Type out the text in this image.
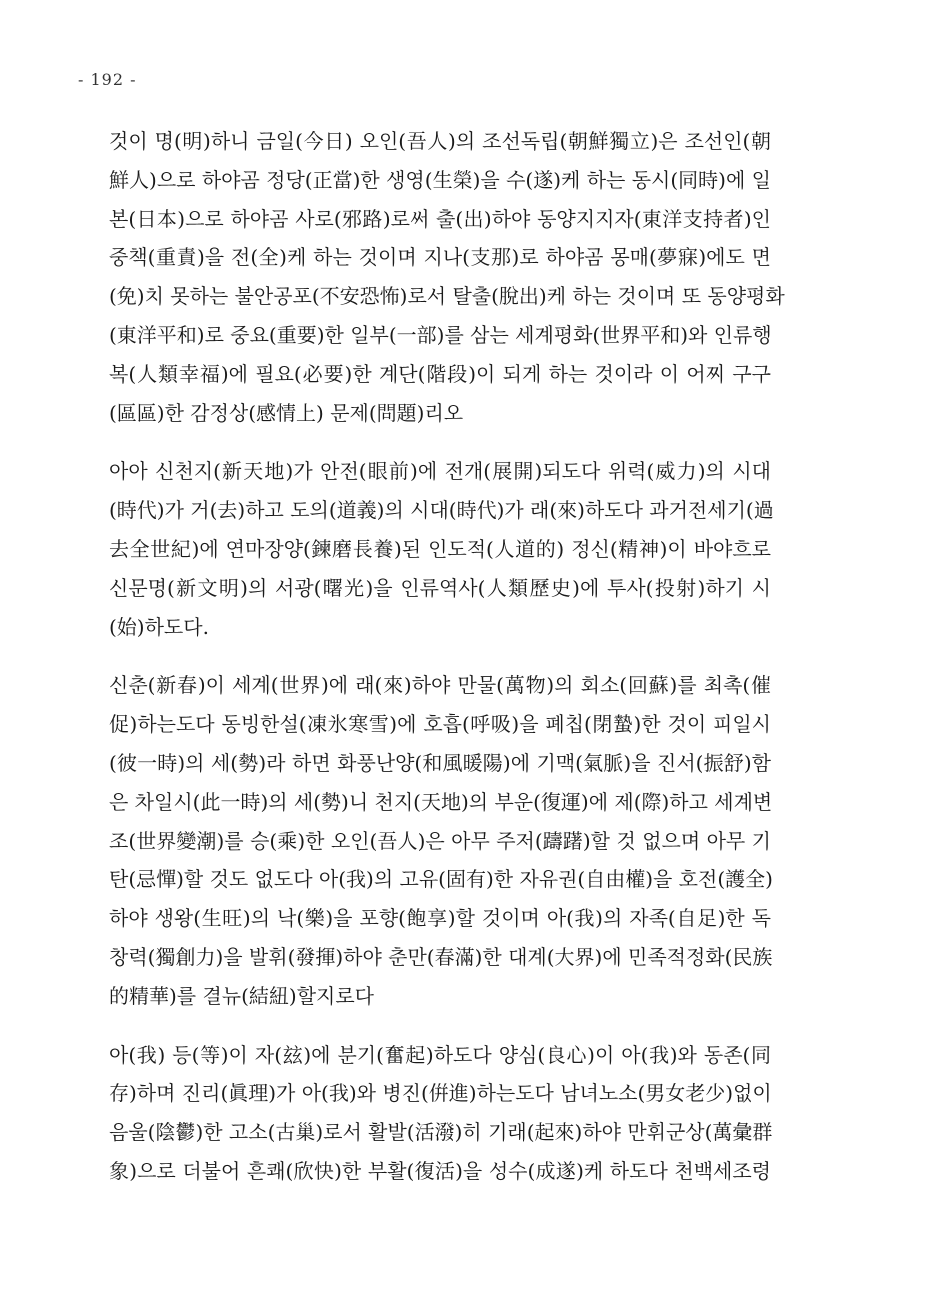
- 192 -
것이 명(明)하니 금일(今日) 오인(吾人)의 조선독립(朝鮮獨立)은 조선인(朝
鮮人)으로 하야곰 정당(正當)한 생영(生榮)을 수(遂)케 하는 동시(同時)에 일
본(日本)으로 하야곰 사로(邪路)로써 출(出)하야 동양지지자(東洋支持者)인
중책(重責)을 전(全)케 하는 것이며 지나(支那)로 하야곰 몽매(夢寐)에도 면
(免)치 못하는 불안공포(不安恐怖)로서 탈출(脫出)케 하는 것이며 또 동양평화
(東洋平和)로 중요(重要)한 일부(一部)를 삼는 세계평화(世界平和)와 인류행
복(人類幸福)에 필요(必要)한 계단(階段)이 되게 하는 것이라 이 어찌 구구
(區區)한 감정상(感情上) 문제(問題)리오
아아 신천지(新天地)가 안전(眼前)에 전개(展開)되도다 위력(威力)의 시대
(時代)가 거(去)하고 도의(道義)의 시대(時代)가 래(來)하도다 과거전세기(過
去全世紀)에 연마장양(鍊磨長養)된 인도적(人道的) 정신(精神)이 바야흐로
신문명(新文明)의 서광(曙光)을 인류역사(人類歷史)에 투사(投射)하기 시
(始)하도다.
신춘(新春)이 세계(世界)에 래(來)하야 만물(萬物)의 회소(回蘇)를 최촉(催
促)하는도다 동빙한설(凍氷寒雪)에 호흡(呼吸)을 폐칩(閉蟄)한 것이 피일시
(彼一時)의 세(勢)라 하면 화풍난양(和風暖陽)에 기맥(氣脈)을 진서(振舒)함
은 차일시(此一時)의 세(勢)니 천지(天地)의 부운(復運)에 제(際)하고 세계변
조(世界變潮)를 승(乘)한 오인(吾人)은 아무 주저(躊躇)할 것 없으며 아무 기
탄(忌憚)할 것도 없도다 아(我)의 고유(固有)한 자유권(自由權)을 호전(護全)
하야 생왕(生旺)의 낙(樂)을 포향(飽享)할 것이며 아(我)의 자족(自足)한 독
창력(獨創力)을 발휘(發揮)하야 춘만(春滿)한 대계(大界)에 민족적정화(民族
的精華)를 결뉴(結紐)할지로다
아(我) 등(等)이 자(玆)에 분기(奮起)하도다 양심(良心)이 아(我)와 동존(同
存)하며 진리(眞理)가 아(我)와 병진(倂進)하는도다 남녀노소(男女老少)없이
음울(陰鬱)한 고소(古巢)로서 활발(活潑)히 기래(起來)하야 만휘군상(萬彙群
象)으로 더불어 흔쾌(欣快)한 부활(復活)을 성수(成遂)케 하도다 천백세조령
